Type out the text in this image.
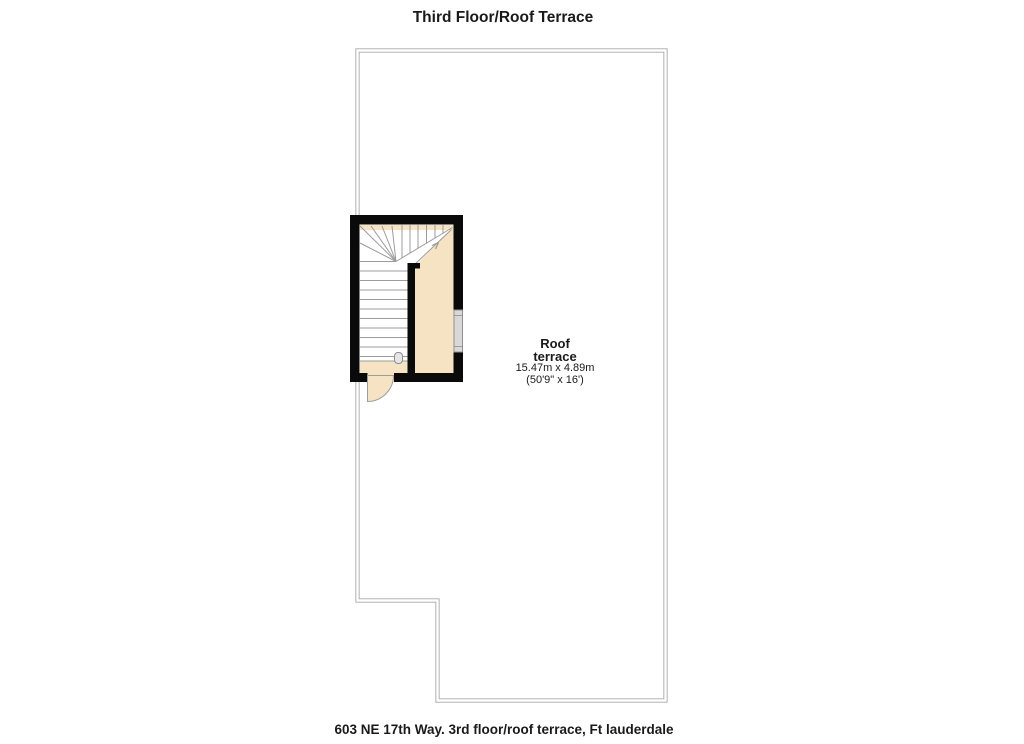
Third Floor/Roof Terrace
Roof
terrace
15.47m x 4.89m
(50'9" x 16')
603 NE 17th Way. 3rd floor/roof terrace, Ft lauderdale
